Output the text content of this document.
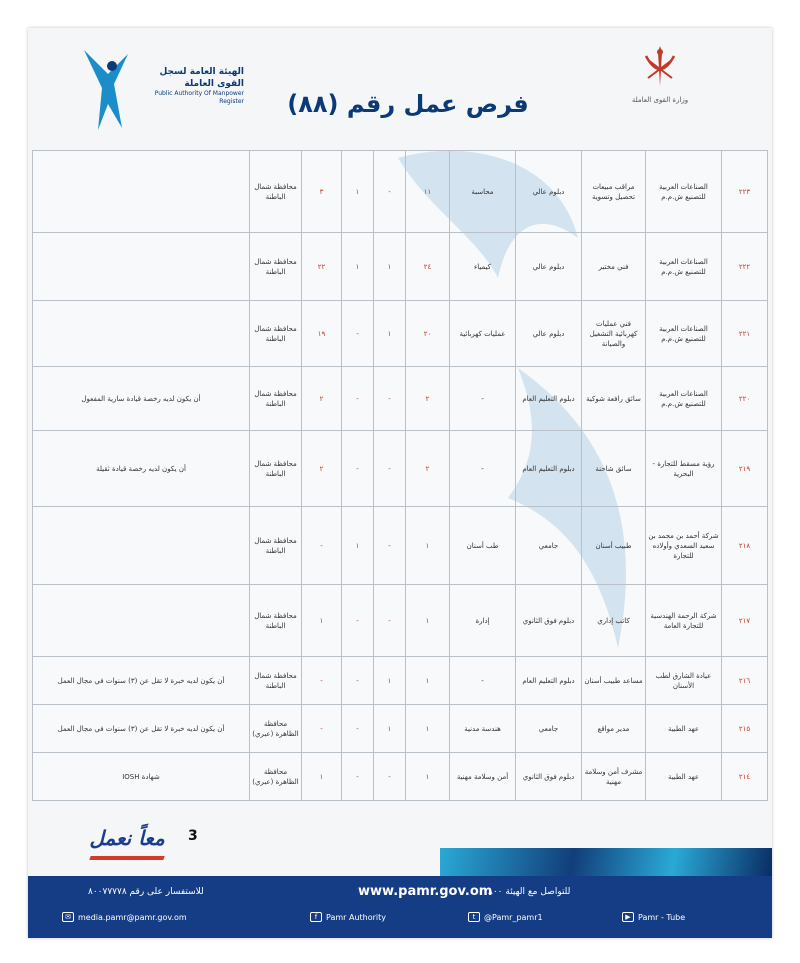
الهيئة العامة لسجل القوى العاملة
Public Authority Of Manpower Register	فرص عمل رقم (٨٨)	وزارة القوى العاملة
٢٢٣	الصناعات العربية للتصنيع ش.م.م	مراقب مبيعات تحصيل وتسوية	دبلوم عالي	محاسبة	١١	-	١	٣	محافظة شمال الباطنة	
٢٢٢	الصناعات العربية للتصنيع ش.م.م	فني مختبر	دبلوم عالي	كيمياء	٢٤	١	١	٢٢	محافظة شمال الباطنة	
٢٢١	الصناعات العربية للتصنيع ش.م.م	فني عمليات كهربائية التشغيل والصيانة	دبلوم عالي	عمليات كهربائية	٢٠	١	-	١٩	محافظة شمال الباطنة	
٢٢٠	الصناعات العربية للتصنيع ش.م.م	سائق رافعة شوكية	دبلوم التعليم العام	-	٢	-	-	٢	محافظة شمال الباطنة	أن يكون لديه رخصة قيادة سارية المفعول
٢١٩	رؤية مسقط للتجارة - البحرية	سائق شاحنة	دبلوم التعليم العام	-	٢	-	-	٢	محافظة شمال الباطنة	أن يكون لديه رخصة قيادة ثقيلة
٢١٨	شركة أحمد بن محمد بن سعيد السعدي وأولاده للتجارة	طبيب أسنان	جامعي	طب أسنان	١	-	١	-	محافظة شمال الباطنة	
٢١٧	شركة الرحمة الهندسية للتجارة العامة	كاتب إداري	دبلوم فوق الثانوي	إدارة	١	-	-	١	محافظة شمال الباطنة	
٢١٦	عيادة الشارق لطب الأسنان	مساعد طبيب أسنان	دبلوم التعليم العام	-	١	١	-	-	محافظة شمال الباطنة	أن يكون لديه خبرة لا تقل عن (٣) سنوات في مجال العمل
٢١٥	عهد الطبية	مدير مواقع	جامعي	هندسة مدنية	١	١	-	-	محافظة الظاهرة (عبري)	أن يكون لديه خبرة لا تقل عن (٣) سنوات في مجال العمل
٢١٤	عهد الطبية	مشرف أمن وسلامة مهنية	دبلوم فوق الثانوي	أمن وسلامة مهنية	١	-	-	١	محافظة الظاهرة (عبري)	شهادة IOSH
معاً نعمل	3
للاستفسار على رقم ٨٠٠٧٧٧٧٨	www.pamr.gov.om
للتواصل مع الهيئة ٨٠٠
✉ media.pamr@pamr.gov.om	f	Pamr Authority	t	@Pamr_pamr1	▶ Pamr - Tube
